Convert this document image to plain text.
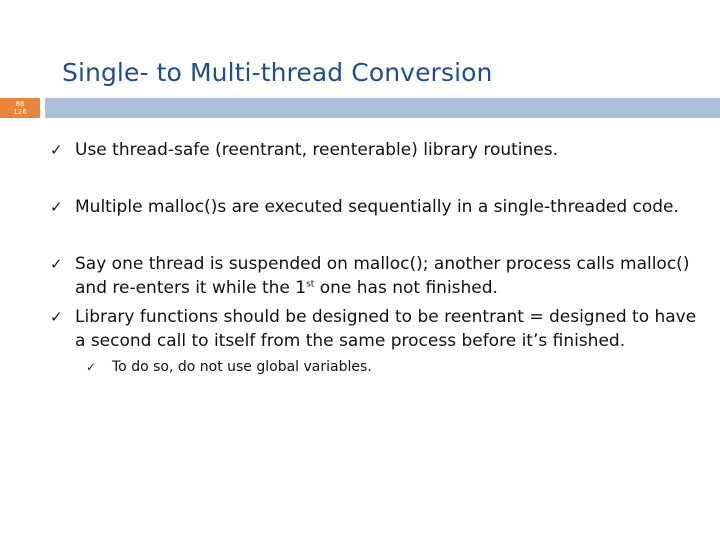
Single- to Multi-thread Conversion
86
126
✓ Use thread-safe (reentrant, reenterable) library routines.
✓ Multiple malloc()s are executed sequentially in a single-threaded code.
✓ Say one thread is suspended on malloc(); another process calls malloc() and re-enters it while the 1st one has not finished.
✓ Library functions should be designed to be reentrant = designed to have a second call to itself from the same process before it’s finished.
✓	To do so, do not use global variables.
